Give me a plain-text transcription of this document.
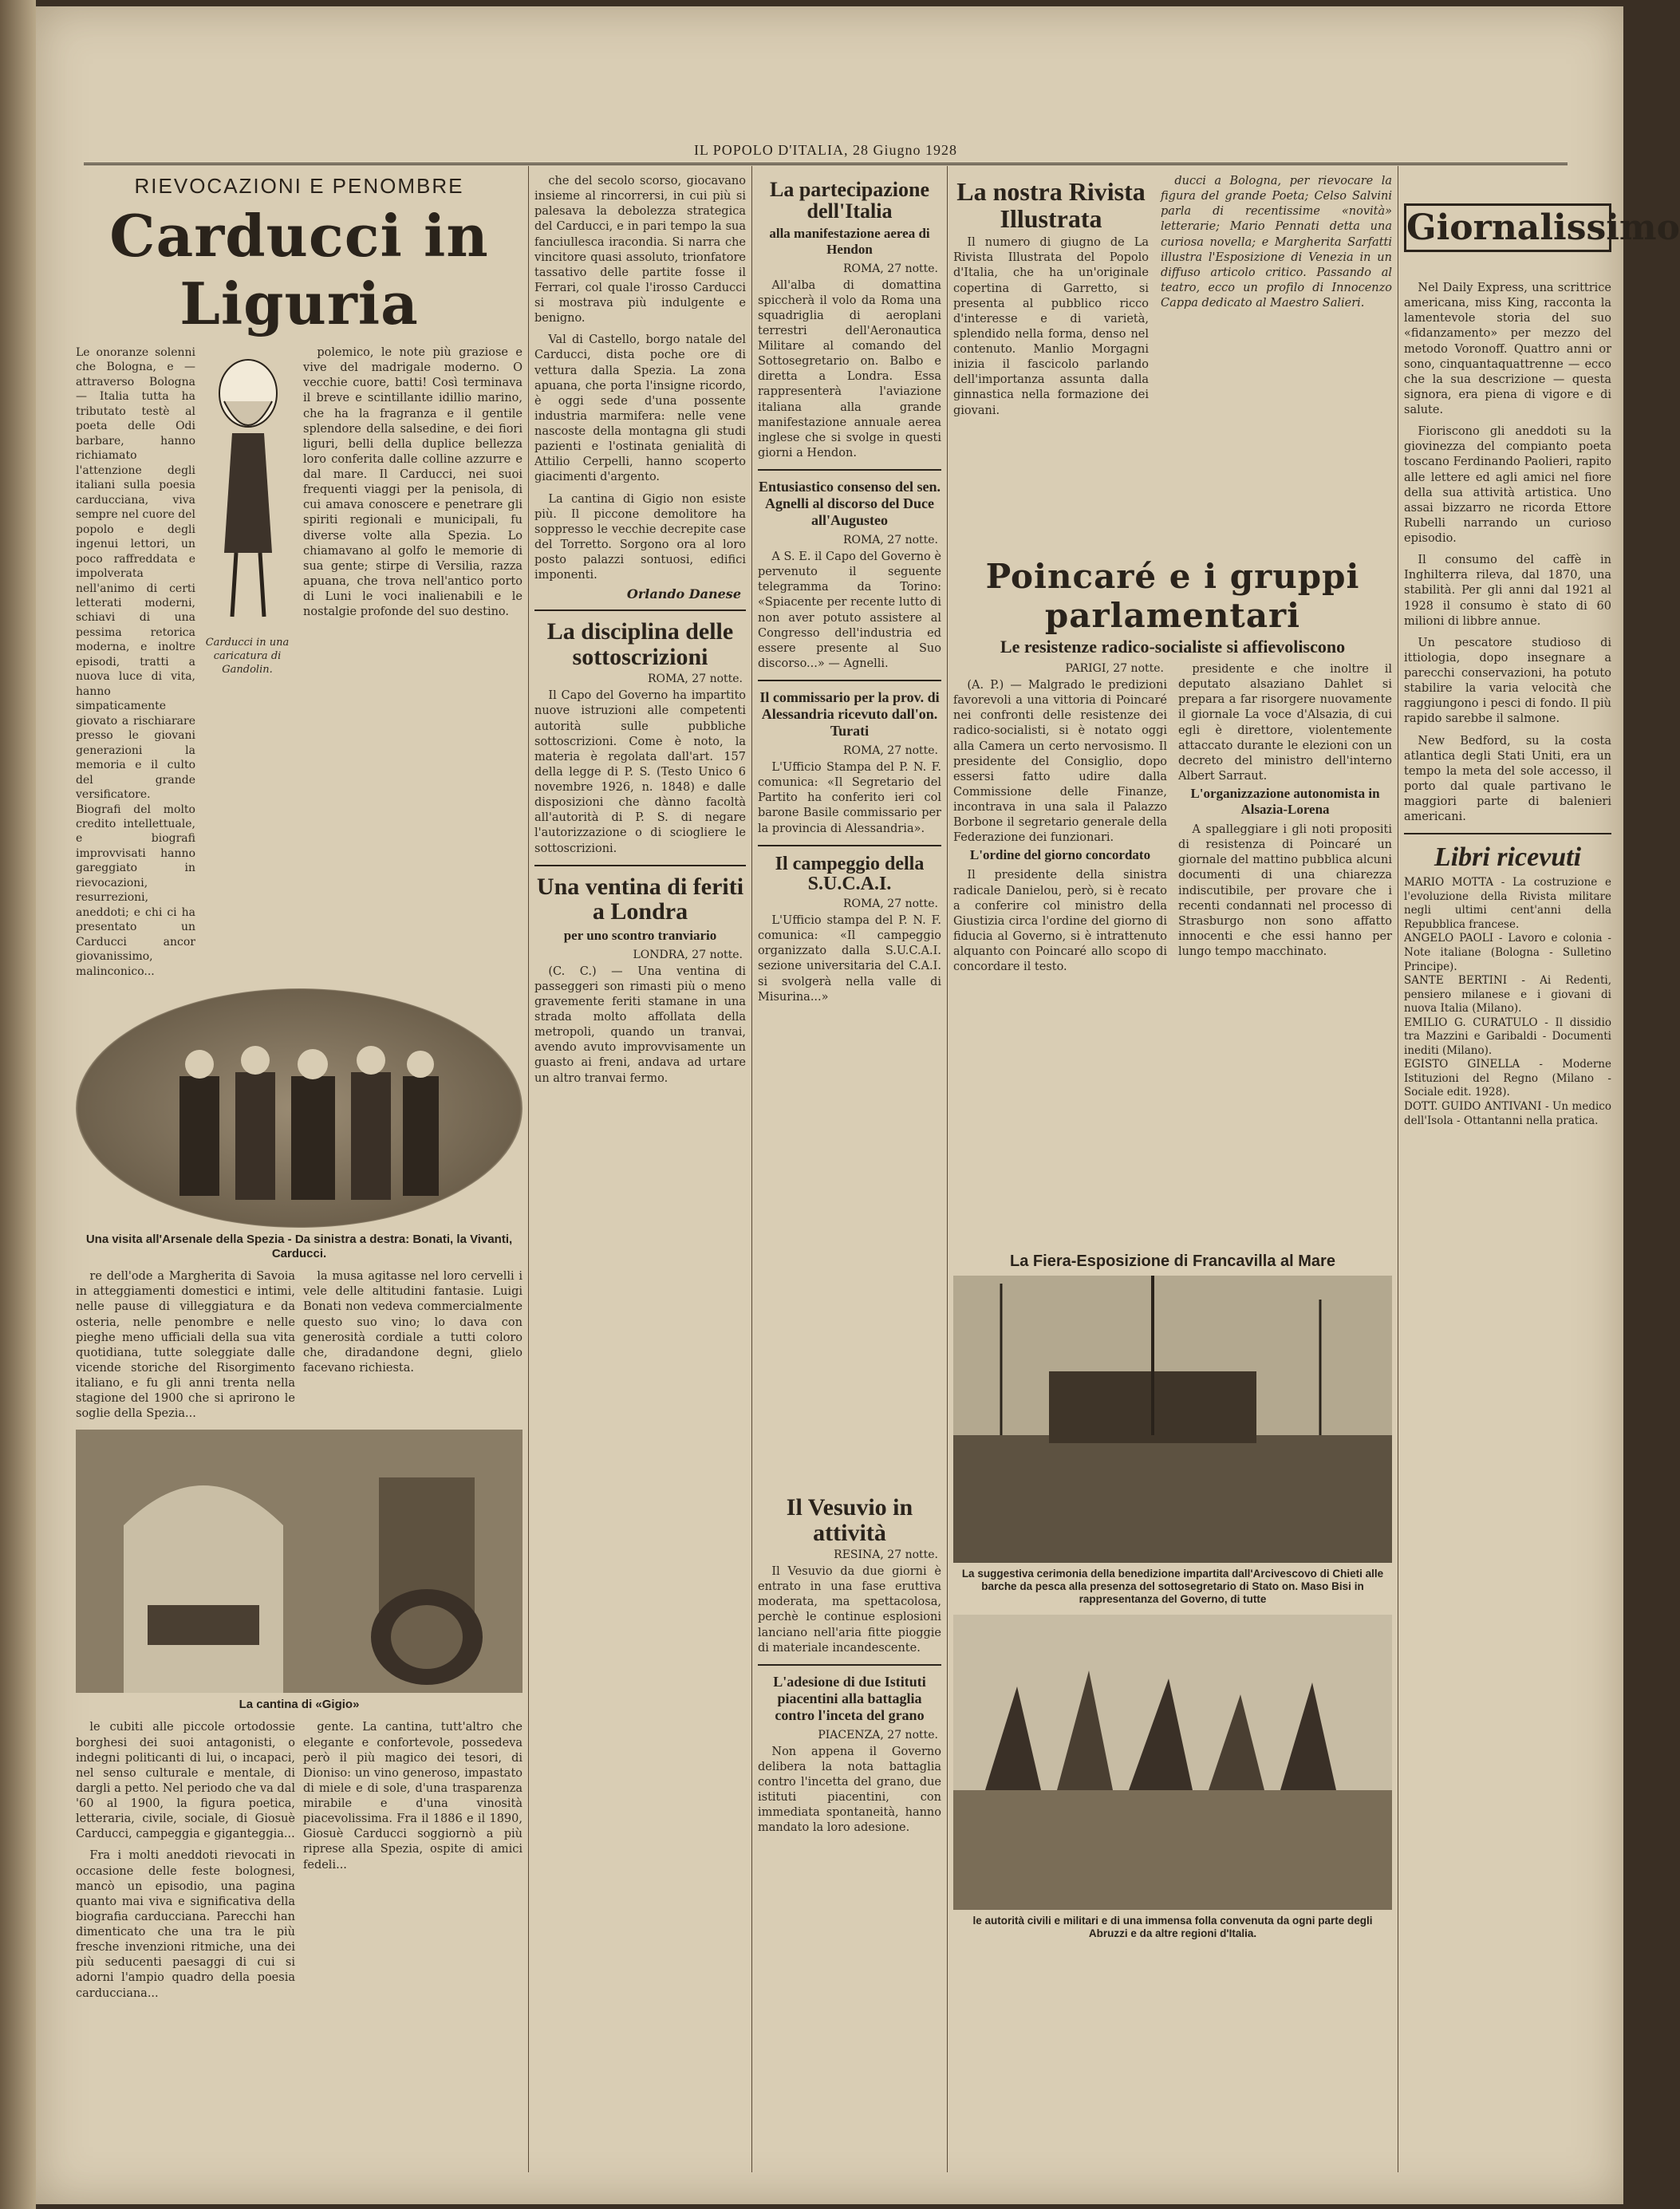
IL POPOLO D'ITALIA, 28 Giugno 1928

RIEVOCAZIONI E PENOMBRE

Carducci in Liguria

Le onoranze solenni che Bologna, e — attraverso Bologna — Italia tutta ha tributato testè al poeta delle Odi barbare, hanno richiamato l'attenzione degli italiani sulla poesia carducciana, viva sempre nel cuore del popolo e degli ingenui lettori, un poco raffreddata e impolverata nell'animo di certi letterati moderni, schiavi di una pessima retorica moderna, e inoltre episodi, tratti a nuova luce di vita, hanno simpaticamente giovato a rischiarare presso le giovani generazioni la memoria e il culto del grande versificatore. Biografi del molto credito intellettuale, e biografi improvvisati hanno gareggiato in rievocazioni, resurrezioni, aneddoti; e chi ci ha presentato un Carducci ancor giovanissimo, malinconico...

Carducci in una caricatura di Gandolin.

polemico, le note più graziose e vive del madrigale moderno. O vecchie cuore, batti! Così terminava il breve e scintillante idillio marino, che ha la fragranza e il gentile splendore della salsedine, e dei fiori liguri, belli della duplice bellezza loro conferita dalle colline azzurre e dal mare. Il Carducci, nei suoi frequenti viaggi per la penisola, di cui amava conoscere e penetrare gli spiriti regionali e municipali, fu diverse volte alla Spezia. Lo chiamavano al golfo le memorie di sua gente; stirpe di Versilia, razza apuana, che trova nell'antico porto di Luni le voci inalienabili e le nostalgie profonde del suo destino.

Una visita all'Arsenale della Spezia - Da sinistra a destra: Bonati, la Vivanti, Carducci.

re dell'ode a Margherita di Savoia in atteggiamenti domestici e intimi, nelle pause di villeggiatura e da osteria, nelle penombre e nelle pieghe meno ufficiali della sua vita quotidiana, tutte soleggiate dalle vicende storiche del Risorgimento italiano, e fu gli anni trenta nella stagione del 1900 che si aprirono le soglie della Spezia...

la musa agitasse nel loro cervelli i vele delle altitudini fantasie. Luigi Bonati non vedeva commercialmente questo suo vino; lo dava con generosità cordiale a tutti coloro che, diradandone degni, glielo facevano richiesta.

La cantina di «Gigio»

le cubiti alle piccole ortodossie borghesi dei suoi antagonisti, o indegni politicanti di lui, o incapaci, nel senso culturale e mentale, di dargli a petto. Nel periodo che va dal '60 al 1900, la figura poetica, letteraria, civile, sociale, di Giosuè Carducci, campeggia e giganteggia...

Fra i molti aneddoti rievocati in occasione delle feste bolognesi, mancò un episodio, una pagina quanto mai viva e significativa della biografia carducciana. Parecchi han dimenticato che una tra le più fresche invenzioni ritmiche, una dei più seducenti paesaggi di cui si adorni l'ampio quadro della poesia carducciana...

gente. La cantina, tutt'altro che elegante e confortevole, possedeva però il più magico dei tesori, di Dioniso: un vino generoso, impastato di miele e di sole, d'una trasparenza mirabile e d'una vinosità piacevolissima. Fra il 1886 e il 1890, Giosuè Carducci soggiornò a più riprese alla Spezia, ospite di amici fedeli...

che del secolo scorso, giocavano insieme al rincorrersi, in cui più si palesava la debolezza strategica del Carducci, e in pari tempo la sua fanciullesca iracondia. Si narra che vincitore quasi assoluto, trionfatore tassativo delle partite fosse il Ferrari, col quale l'irosso Carducci si mostrava più indulgente e benigno.

Val di Castello, borgo natale del Carducci, dista poche ore di vettura dalla Spezia. La zona apuana, che porta l'insigne ricordo, è oggi sede d'una possente industria marmifera: nelle vene nascoste della montagna gli studi pazienti e l'ostinata genialità di Attilio Cerpelli, hanno scoperto giacimenti d'argento.

La cantina di Gigio non esiste più. Il piccone demolitore ha soppresso le vecchie decrepite case del Torretto. Sorgono ora al loro posto palazzi sontuosi, edifici imponenti.

Orlando Danese

La disciplina delle sottoscrizioni

ROMA, 27 notte.

Il Capo del Governo ha impartito nuove istruzioni alle competenti autorità sulle pubbliche sottoscrizioni. Come è noto, la materia è regolata dall'art. 157 della legge di P. S. (Testo Unico 6 novembre 1926, n. 1848) e dalle disposizioni che dànno facoltà all'autorità di P. S. di negare l'autorizzazione o di sciogliere le sottoscrizioni.

Una ventina di feriti a Londra

per uno scontro tranviario

LONDRA, 27 notte.

(C. C.) — Una ventina di passeggeri son rimasti più o meno gravemente feriti stamane in una strada molto affollata della metropoli, quando un tranvai, avendo avuto improvvisamente un guasto ai freni, andava ad urtare un altro tranvai fermo.

La partecipazione dell'Italia

alla manifestazione aerea di Hendon

ROMA, 27 notte.

All'alba di domattina spiccherà il volo da Roma una squadriglia di aeroplani terrestri dell'Aeronautica Militare al comando del Sottosegretario on. Balbo e diretta a Londra. Essa rappresenterà l'aviazione italiana alla grande manifestazione annuale aerea inglese che si svolge in questi giorni a Hendon.

Entusiastico consenso del sen. Agnelli al discorso del Duce all'Augusteo

ROMA, 27 notte.

A S. E. il Capo del Governo è pervenuto il seguente telegramma da Torino: «Spiacente per recente lutto di non aver potuto assistere al Congresso dell'industria ed essere presente al Suo discorso...» — Agnelli.

Il commissario per la prov. di Alessandria ricevuto dall'on. Turati

ROMA, 27 notte.

L'Ufficio Stampa del P. N. F. comunica: «Il Segretario del Partito ha conferito ieri col barone Basile commissario per la provincia di Alessandria».

Il campeggio della S.U.C.A.I.

ROMA, 27 notte.

L'Ufficio stampa del P. N. F. comunica: «Il campeggio organizzato dalla S.U.C.A.I. sezione universitaria del C.A.I. si svolgerà nella valle di Misurina...»

Il Vesuvio in attività

RESINA, 27 notte.

Il Vesuvio da due giorni è entrato in una fase eruttiva moderata, ma spettacolosa, perchè le continue esplosioni lanciano nell'aria fitte pioggie di materiale incandescente.

L'adesione di due Istituti piacentini alla battaglia contro l'inceta del grano

PIACENZA, 27 notte.

Non appena il Governo delibera la nota battaglia contro l'incetta del grano, due istituti piacentini, con immediata spontaneità, hanno mandato la loro adesione.

La nostra Rivista Illustrata

Il numero di giugno de La Rivista Illustrata del Popolo d'Italia, che ha un'originale copertina di Garretto, si presenta al pubblico ricco d'interesse e di varietà, splendido nella forma, denso nel contenuto. Manlio Morgagni inizia il fascicolo parlando dell'importanza assunta dalla ginnastica nella formazione dei giovani.

ducci a Bologna, per rievocare la figura del grande Poeta; Celso Salvini parla di recentissime «novità» letterarie; Mario Pennati detta una curiosa novella; e Margherita Sarfatti illustra l'Esposizione di Venezia in un diffuso articolo critico. Passando al teatro, ecco un profilo di Innocenzo Cappa dedicato al Maestro Salieri.

Poincaré e i gruppi parlamentari

Le resistenze radico-socialiste si affievoliscono

PARIGI, 27 notte.

(A. P.) — Malgrado le predizioni favorevoli a una vittoria di Poincaré nei confronti delle resistenze dei radico-socialisti, si è notato oggi alla Camera un certo nervosismo. Il presidente del Consiglio, dopo essersi fatto udire dalla Commissione delle Finanze, incontrava in una sala il Palazzo Borbone il segretario generale della Federazione dei funzionari.

L'ordine del giorno concordato

Il presidente della sinistra radicale Danielou, però, si è recato a conferire col ministro della Giustizia circa l'ordine del giorno di fiducia al Governo, si è intrattenuto alquanto con Poincaré allo scopo di concordare il testo.

presidente e che inoltre il deputato alsaziano Dahlet si prepara a far risorgere nuovamente il giornale La voce d'Alsazia, di cui egli è direttore, violentemente attaccato durante le elezioni con un decreto del ministro dell'interno Albert Sarraut.

L'organizzazione autonomista in Alsazia-Lorena

A spalleggiare i gli noti propositi di resistenza di Poincaré un giornale del mattino pubblica alcuni documenti di una chiarezza indiscutibile, per provare che i recenti condannati nel processo di Strasburgo non sono affatto innocenti e che essi hanno per lungo tempo macchinato.

La Fiera-Esposizione di Francavilla al Mare

La suggestiva cerimonia della benedizione impartita dall'Arcivescovo di Chieti alle barche da pesca alla presenza del sottosegretario di Stato on. Maso Bisi in rappresentanza del Governo, di tutte

le autorità civili e militari e di una immensa folla convenuta da ogni parte degli Abruzzi e da altre regioni d'Italia.

Giornalissimo

Nel Daily Express, una scrittrice americana, miss King, racconta la lamentevole storia del suo «fidanzamento» per mezzo del metodo Voronoff. Quattro anni or sono, cinquantaquattrenne — ecco che la sua descrizione — questa signora, era piena di vigore e di salute.

Fioriscono gli aneddoti su la giovinezza del compianto poeta toscano Ferdinando Paolieri, rapito alle lettere ed agli amici nel fiore della sua attività artistica. Uno assai bizzarro ne ricorda Ettore Rubelli narrando un curioso episodio.

Il consumo del caffè in Inghilterra rileva, dal 1870, una stabilità. Per gli anni dal 1921 al 1928 il consumo è stato di 60 milioni di libbre annue.

Un pescatore studioso di ittiologia, dopo insegnare a parecchi conservazioni, ha potuto stabilire la varia velocità che raggiungono i pesci di fondo. Il più rapido sarebbe il salmone.

New Bedford, su la costa atlantica degli Stati Uniti, era un tempo la meta del sole accesso, il porto dal quale partivano le maggiori parte di balenieri americani.

Libri ricevuti

MARIO MOTTA - La costruzione e l'evoluzione della Rivista militare negli ultimi cent'anni della Repubblica francese.

ANGELO PAOLI - Lavoro e colonia - Note italiane (Bologna - Sulletino Principe).

SANTE BERTINI - Ai Redenti, pensiero milanese e i giovani di nuova Italia (Milano).

EMILIO G. CURATULO - Il dissidio tra Mazzini e Garibaldi - Documenti inediti (Milano).

EGISTO GINELLA - Moderne Istituzioni del Regno (Milano - Sociale edit. 1928).

DOTT. GUIDO ANTIVANI - Un medico dell'Isola - Ottantanni nella pratica.
